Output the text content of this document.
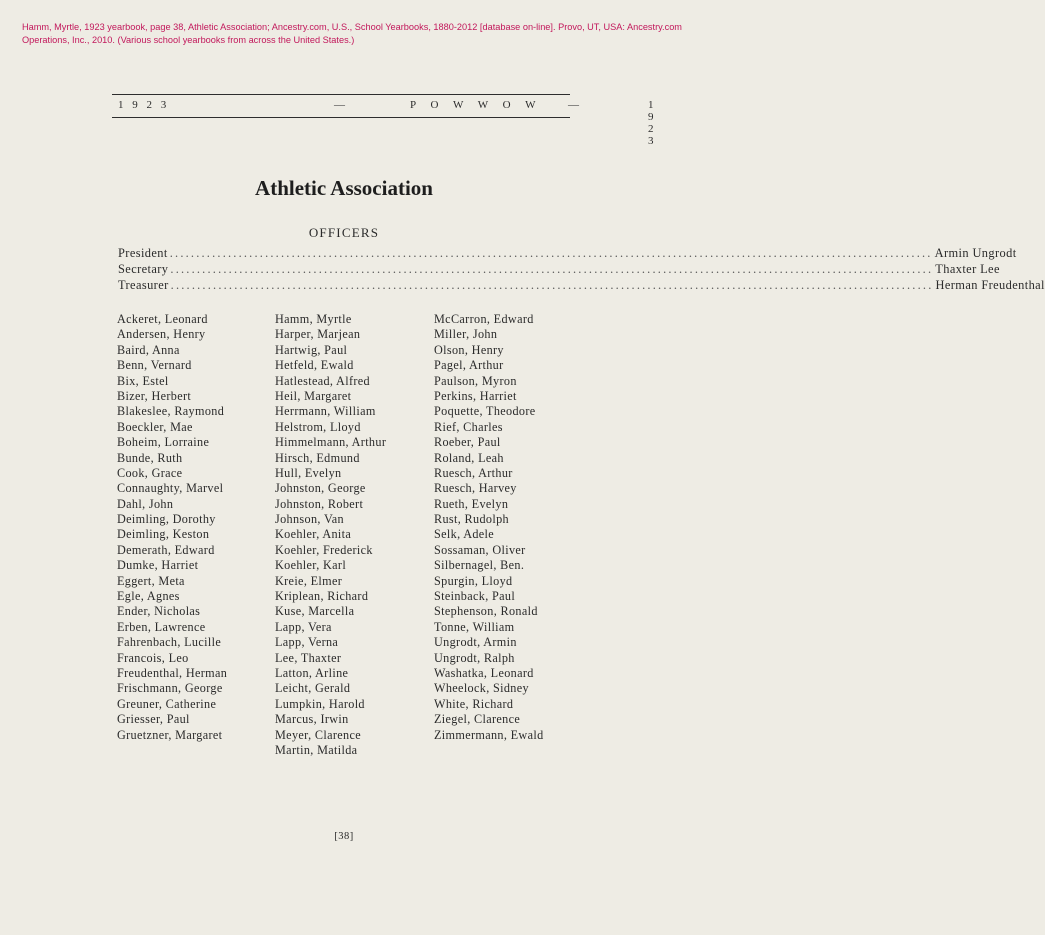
Hamm, Myrtle, 1923 yearbook, page 38, Athletic Association; Ancestry.com, U.S., School Yearbooks, 1880-2012 [database on-line]. Provo, UT, USA: Ancestry.com
Operations, Inc., 2010. (Various school yearbooks from across the United States.)
1 9 2 3	—	P O W W O W —	1 9 2 3
Athletic Association
OFFICERS
President .....	Armin Ungrodt
Secretary .....	Thaxter Lee
Treasurer .....	Herman Freudenthal
Ackeret, Leonard
Andersen, Henry
Baird, Anna
Benn, Vernard
Bix, Estel
Bizer, Herbert
Blakeslee, Raymond
Boeckler, Mae
Boheim, Lorraine
Bunde, Ruth
Cook, Grace
Connaughty, Marvel
Dahl, John
Deimling, Dorothy
Deimling, Keston
Demerath, Edward
Dumke, Harriet
Eggert, Meta
Egle, Agnes
Ender, Nicholas
Erben, Lawrence
Fahrenbach, Lucille
Francois, Leo
Freudenthal, Herman
Frischmann, George
Greuner, Catherine
Griesser, Paul
Gruetzner, Margaret
Hamm, Myrtle
Harper, Marjean
Hartwig, Paul
Hetfeld, Ewald
Hatlestead, Alfred
Heil, Margaret
Herrmann, William
Helstrom, Lloyd
Himmelmann, Arthur
Hirsch, Edmund
Hull, Evelyn
Johnston, George
Johnston, Robert
Johnson, Van
Koehler, Anita
Koehler, Frederick
Koehler, Karl
Kreie, Elmer
Kriplean, Richard
Kuse, Marcella
Lapp, Vera
Lapp, Verna
Lee, Thaxter
Latton, Arline
Leicht, Gerald
Lumpkin, Harold
Marcus, Irwin
Meyer, Clarence
Martin, Matilda
McCarron, Edward
Miller, John
Olson, Henry
Pagel, Arthur
Paulson, Myron
Perkins, Harriet
Poquette, Theodore
Rief, Charles
Roeber, Paul
Roland, Leah
Ruesch, Arthur
Ruesch, Harvey
Rueth, Evelyn
Rust, Rudolph
Selk, Adele
Sossaman, Oliver
Silbernagel, Ben.
Spurgin, Lloyd
Steinback, Paul
Stephenson, Ronald
Tonne, William
Ungrodt, Armin
Ungrodt, Ralph
Washatka, Leonard
Wheelock, Sidney
White, Richard
Ziegel, Clarence
Zimmermann, Ewald
[38]
